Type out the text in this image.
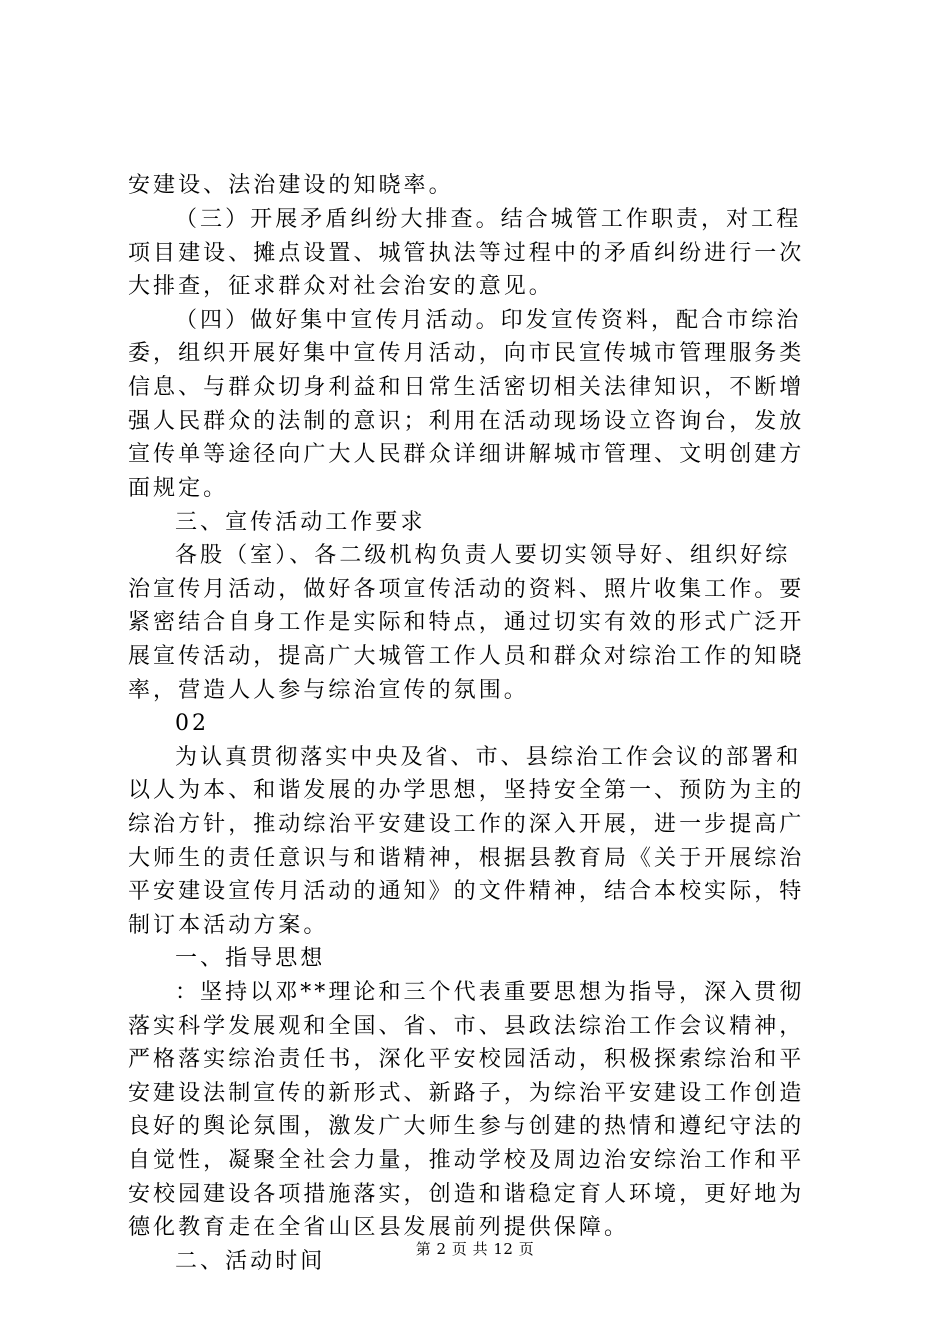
安建设、法治建设的知晓率。
（三）开展矛盾纠纷大排查。结合城管工作职责，对工程
项目建设、摊点设置、城管执法等过程中的矛盾纠纷进行一次
大排查，征求群众对社会治安的意见。
（四）做好集中宣传月活动。印发宣传资料，配合市综治
委，组织开展好集中宣传月活动，向市民宣传城市管理服务类
信息、与群众切身利益和日常生活密切相关法律知识，不断增
强人民群众的法制的意识；利用在活动现场设立咨询台，发放
宣传单等途径向广大人民群众详细讲解城市管理、文明创建方
面规定。
三、宣传活动工作要求
各股（室）、各二级机构负责人要切实领导好、组织好综
治宣传月活动，做好各项宣传活动的资料、照片收集工作。要
紧密结合自身工作是实际和特点，通过切实有效的形式广泛开
展宣传活动，提高广大城管工作人员和群众对综治工作的知晓
率，营造人人参与综治宣传的氛围。
02
为认真贯彻落实中央及省、市、县综治工作会议的部署和
以人为本、和谐发展的办学思想，坚持安全第一、预防为主的
综治方针，推动综治平安建设工作的深入开展，进一步提高广
大师生的责任意识与和谐精神，根据县教育局《关于开展综治
平安建设宣传月活动的通知》的文件精神，结合本校实际，特
制订本活动方案。
一、指导思想
：坚持以邓**理论和三个代表重要思想为指导，深入贯彻
落实科学发展观和全国、省、市、县政法综治工作会议精神，
严格落实综治责任书，深化平安校园活动，积极探索综治和平
安建设法制宣传的新形式、新路子，为综治平安建设工作创造
良好的舆论氛围，激发广大师生参与创建的热情和遵纪守法的
自觉性，凝聚全社会力量，推动学校及周边治安综治工作和平
安校园建设各项措施落实，创造和谐稳定育人环境，更好地为
德化教育走在全省山区县发展前列提供保障。
二、活动时间	第 2 页 共 12 页
